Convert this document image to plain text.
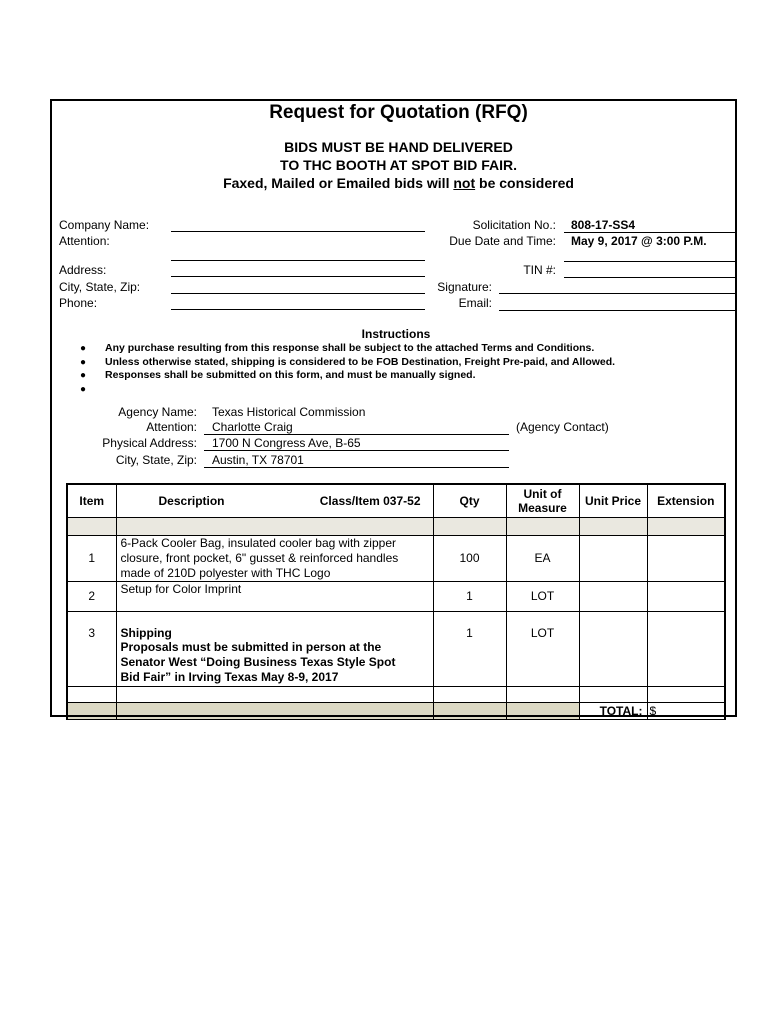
Request for Quotation (RFQ)
BIDS MUST BE HAND DELIVERED
TO THC BOOTH AT SPOT BID FAIR.
Faxed, Mailed or Emailed bids will not be considered
Company Name:
Attention:
Address:
City, State, Zip:
Phone:
Solicitation No.: 808-17-SS4
Due Date and Time: May 9, 2017 @ 3:00 P.M.
TIN #:
Signature:
Email:
Instructions
● Any purchase resulting from this response shall be subject to the attached Terms and Conditions.
● Unless otherwise stated, shipping is considered to be FOB Destination, Freight Pre-paid, and Allowed.
● Responses shall be submitted on this form, and must be manually signed.
●
Agency Name: Texas Historical Commission
Attention: Charlotte Craig	(Agency Contact)
Physical Address: 1700 N Congress Ave, B-65
City, State, Zip: Austin, TX 78701
Item	Description Class/Item 037-52	Qty	Unit of Measure	Unit Price	Extension

1	6-Pack Cooler Bag, insulated cooler bag with zipper closure, front pocket, 6" gusset & reinforced handles made of 210D polyester with THC Logo	100	EA		
2	Setup for Color Imprint	1	LOT		
3	Shipping	1	LOT		
	Proposals must be submitted in person at the Senator West “Doing Business Texas Style Spot Bid Fair” in Irving Texas May 8-9, 2017				

				TOTAL:	$
